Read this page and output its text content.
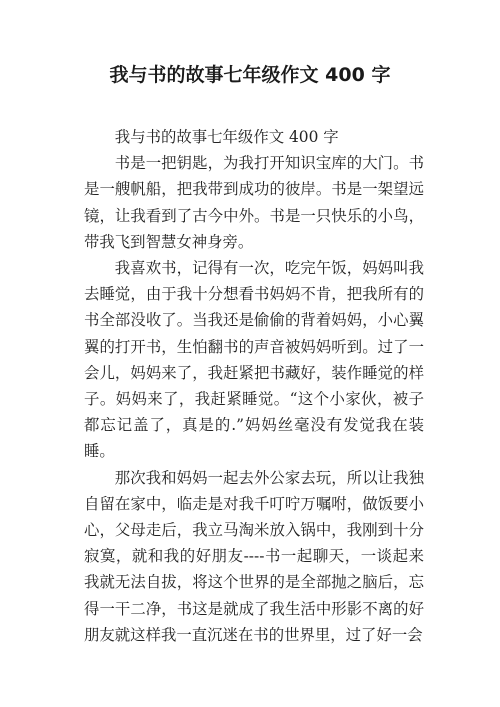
我与书的故事七年级作文 400 字

我与书的故事七年级作文 400 字

书是一把钥匙，为我打开知识宝库的大门。书是一艘帆船，把我带到成功的彼岸。书是一架望远镜，让我看到了古今中外。书是一只快乐的小鸟，带我飞到智慧女神身旁。

我喜欢书，记得有一次，吃完午饭，妈妈叫我去睡觉，由于我十分想看书妈妈不肯，把我所有的书全部没收了。当我还是偷偷的背着妈妈，小心翼翼的打开书，生怕翻书的声音被妈妈听到。过了一会儿，妈妈来了，我赶紧把书藏好，装作睡觉的样子。妈妈来了，我赶紧睡觉。“这个小家伙，被子都忘记盖了，真是的.”妈妈丝毫没有发觉我在装睡。

那次我和妈妈一起去外公家去玩，所以让我独自留在家中，临走是对我千叮咛万嘱咐，做饭要小心，父母走后，我立马淘米放入锅中，我刚到十分寂寞，就和我的好朋友----书一起聊天，一谈起来我就无法自拔，将这个世界的是全部抛之脑后，忘得一干二净，书这是就成了我生活中形影不离的好朋友就这样我一直沉迷在书的世界里，过了好一会
